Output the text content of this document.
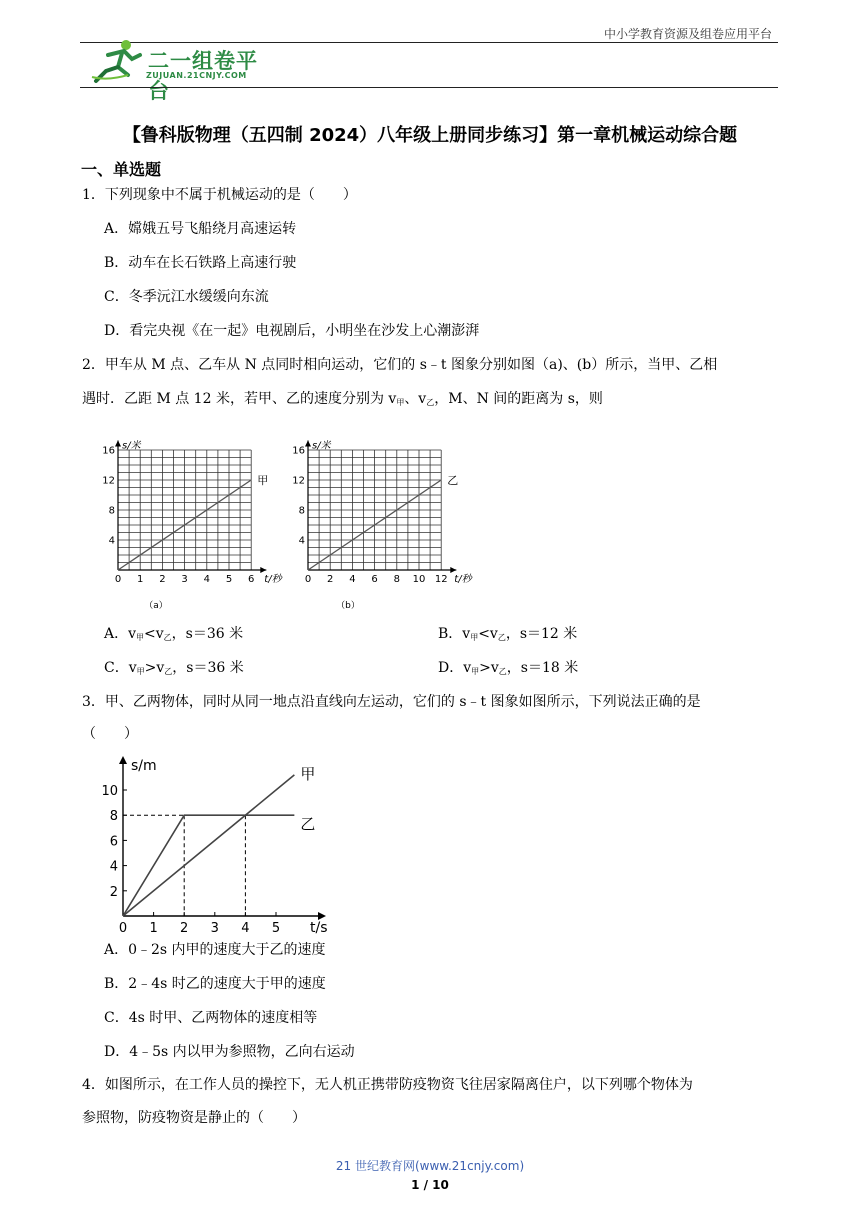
中小学教育资源及组卷应用平台
二一组卷平台
ZUJUAN.21CNJY.COM
【鲁科版物理（五四制 2024）八年级上册同步练习】第一章机械运动综合题
一、单选题
1．下列现象中不属于机械运动的是（　　）
A．嫦娥五号飞船绕月高速运转
B．动车在长石铁路上高速行驶
C．冬季沅江水缓缓向东流
D．看完央视《在一起》电视剧后，小明坐在沙发上心潮澎湃
2．甲车从 M 点、乙车从 N 点同时相向运动，它们的 s﹣t 图象分别如图（a)、(b）所示，当甲、乙相
遇时．乙距 M 点 12 米，若甲、乙的速度分别为 $v_甲$、$v_乙$，M、N 间的距离为 s，则
s/米
t/秒
0 1 2 3 4 5 6
4
8
12
16
甲
（a）
s/米
t/秒
0 2 4 6 8 10 12
4
8
12
16
乙
（b）
A．$v_甲<v_乙$，s＝36 米	B．$v_甲<v_乙$，s＝12 米
C．$v_甲>v_乙$，s＝36 米	D．$v_甲>v_乙$，s＝18 米
3．甲、乙两物体，同时从同一地点沿直线向左运动，它们的 s﹣t 图象如图所示，下列说法正确的是
（　　）
s/m
t/s
0 1 2 3 4 5
2
4
6
8
10
甲
乙
A．0﹣2s 内甲的速度大于乙的速度
B．2﹣4s 时乙的速度大于甲的速度
C．4s 时甲、乙两物体的速度相等
D．4﹣5s 内以甲为参照物，乙向右运动
4．如图所示，在工作人员的操控下，无人机正携带防疫物资飞往居家隔离住户，以下列哪个物体为
参照物，防疫物资是静止的（　　）
21 世纪教育网(www.21cnjy.com)
1 / 10
